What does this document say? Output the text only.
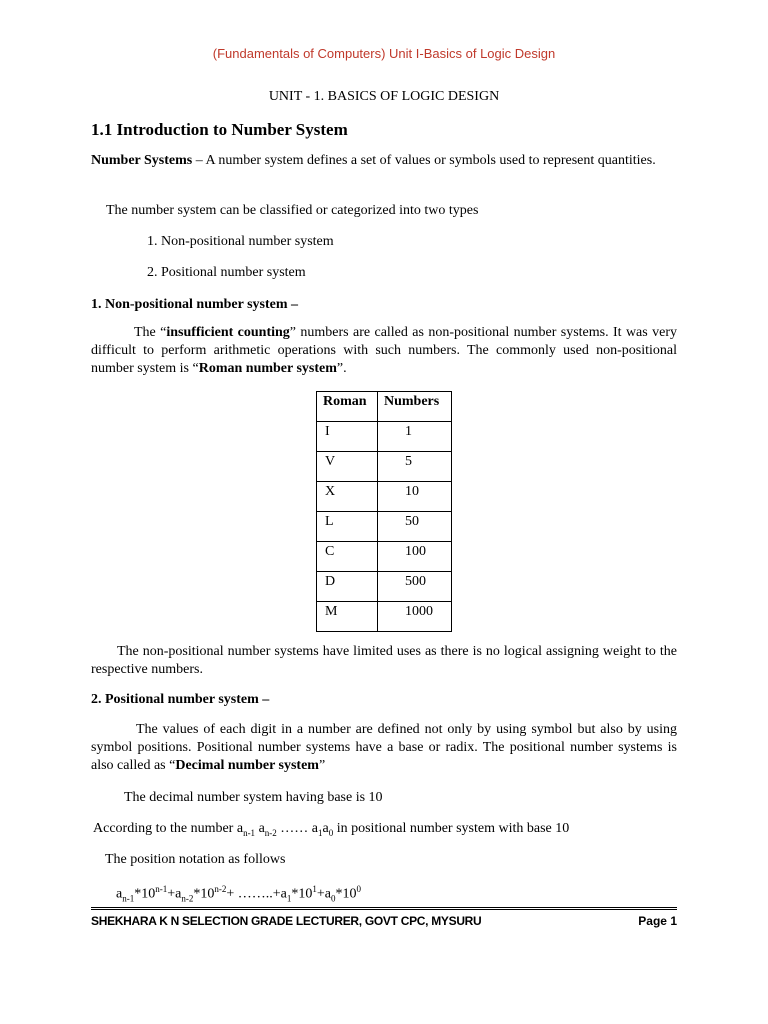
(Fundamentals of Computers) Unit I-Basics of Logic Design
UNIT - 1. BASICS OF LOGIC DESIGN
1.1 Introduction to Number System
Number Systems – A number system defines a set of values or symbols used to represent quantities.
The number system can be classified or categorized into two types
1. Non-positional number system
2. Positional number system
1. Non-positional number system –
The “insufficient counting” numbers are called as non-positional number systems. It was very difficult to perform arithmetic operations with such numbers. The commonly used non-positional number system is “Roman number system”.
Roman	Numbers
I	1
V	5
X	10
L	50
C	100
D	500
M	1000
The non-positional number systems have limited uses as there is no logical assigning weight to the respective numbers.
2. Positional number system –
The values of each digit in a number are defined not only by using symbol but also by using symbol positions. Positional number systems have a base or radix. The positional number systems is also called as “Decimal number system”
The decimal number system having base is 10
According to the number $a_{n-1}$ $a_{n-2}$ …… $a_1a_0$ in positional number system with base 10
The position notation as follows
$a_{n-1}*10^{n-1}+a_{n-2}*10^{n-2}+$ $\dots\dots..+a_1*10^1+a_0*10^0$
SHEKHARA K N SELECTION GRADE LECTURER, GOVT CPC, MYSURU	Page 1
